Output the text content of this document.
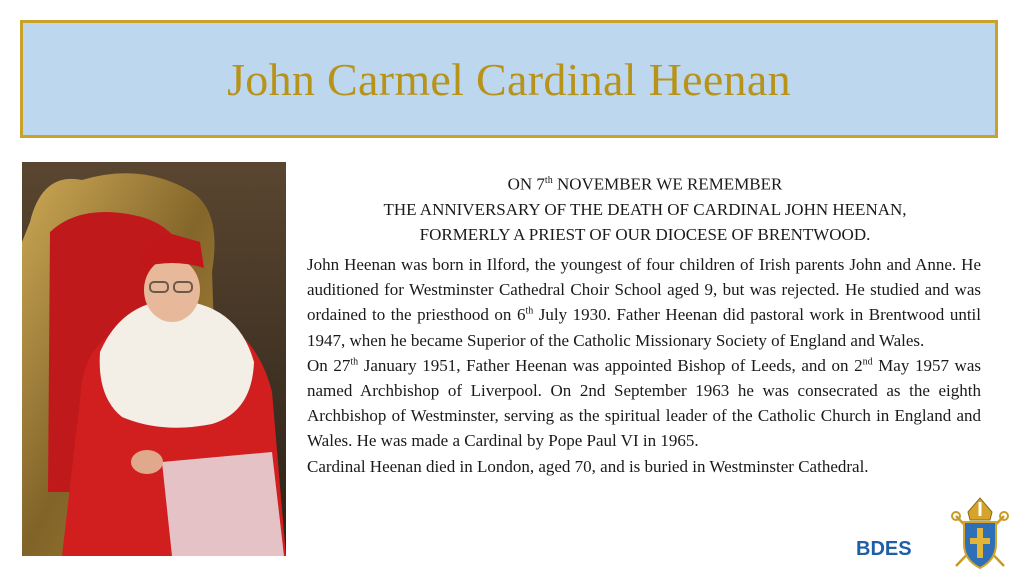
John Carmel Cardinal Heenan
ON 7th NOVEMBER WE REMEMBER
THE ANNIVERSARY OF THE DEATH OF CARDINAL JOHN HEENAN,
FORMERLY A PRIEST OF OUR DIOCESE OF BRENTWOOD.

John Heenan was born in Ilford, the youngest of four children of Irish parents John and Anne. He auditioned for Westminster Cathedral Choir School aged 9, but was rejected. He studied and was ordained to the priesthood on 6th July 1930. Father Heenan did pastoral work in Brentwood until 1947, when he became Superior of the Catholic Missionary Society of England and Wales.

On 27th January 1951, Father Heenan was appointed Bishop of Leeds, and on 2nd May 1957 was named Archbishop of Liverpool. On 2nd September 1963 he was consecrated as the eighth Archbishop of Westminster, serving as the spiritual leader of the Catholic Church in England and Wales. He was made a Cardinal by Pope Paul VI in 1965.

Cardinal Heenan died in London, aged 70, and is buried in Westminster Cathedral.

BDES
